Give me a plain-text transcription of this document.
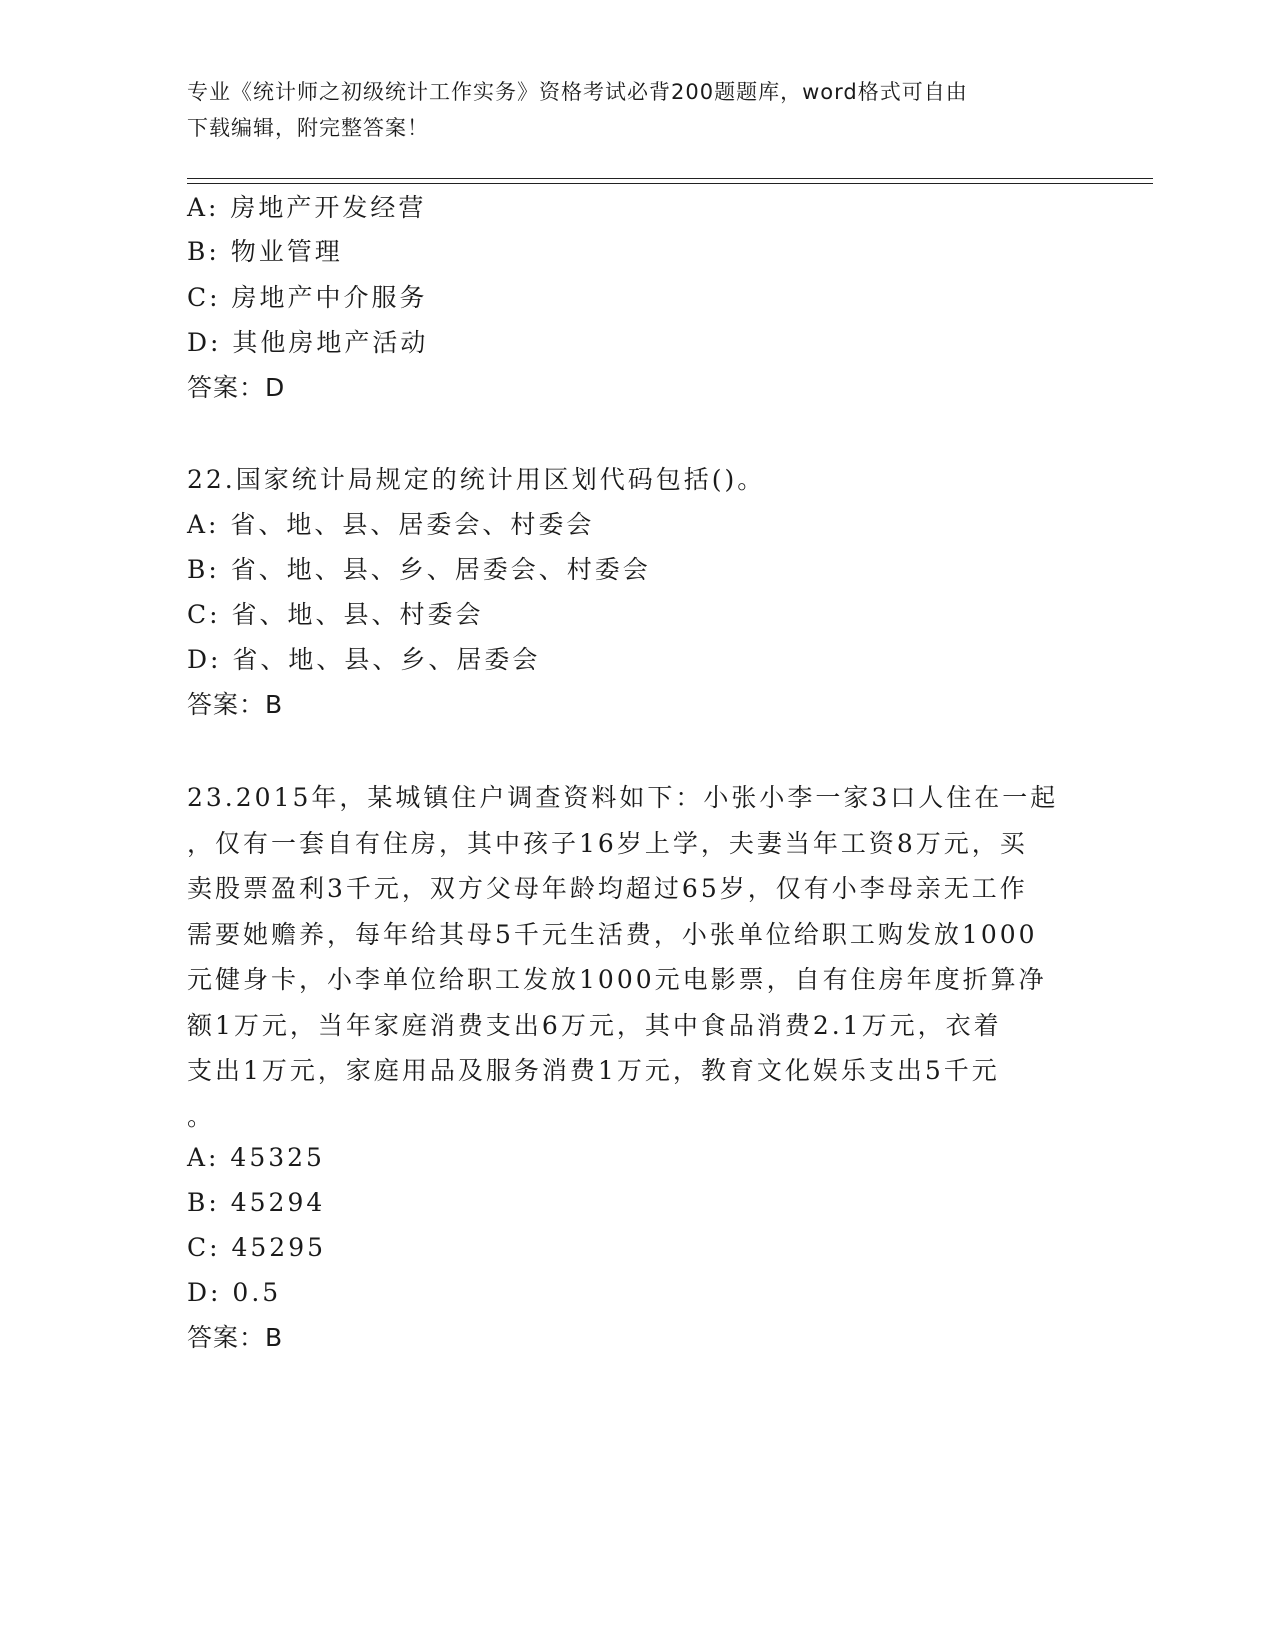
专业《统计师之初级统计工作实务》资格考试必背200题题库，word格式可自由
下载编辑，附完整答案！
A: 房地产开发经营
B: 物业管理
C: 房地产中介服务
D: 其他房地产活动
答案：D
22.国家统计局规定的统计用区划代码包括()。
A: 省、地、县、居委会、村委会
B: 省、地、县、乡、居委会、村委会
C: 省、地、县、村委会
D: 省、地、县、乡、居委会
答案：B
23.2015年，某城镇住户调查资料如下：小张小李一家3口人住在一起
，仅有一套自有住房，其中孩子16岁上学，夫妻当年工资8万元，买
卖股票盈利3千元，双方父母年龄均超过65岁，仅有小李母亲无工作
需要她赡养，每年给其母5千元生活费，小张单位给职工购发放1000
元健身卡，小李单位给职工发放1000元电影票，自有住房年度折算净
额1万元，当年家庭消费支出6万元，其中食品消费2.1万元，衣着
支出1万元，家庭用品及服务消费1万元，教育文化娱乐支出5千元
。
A: 45325
B: 45294
C: 45295
D: 0.5
答案：B
